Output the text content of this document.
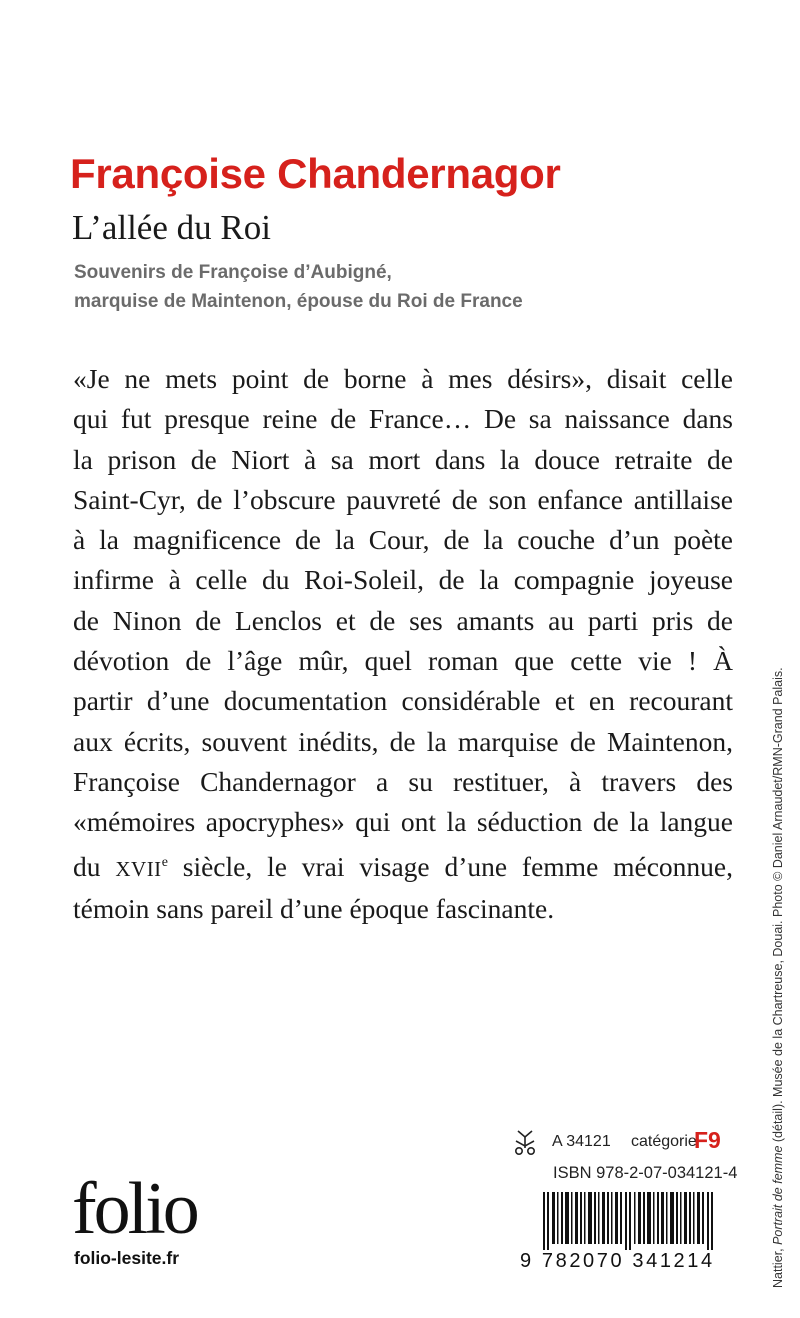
Françoise Chandernagor
L’allée du Roi
Souvenirs de Françoise d’Aubigné,
marquise de Maintenon, épouse du Roi de France
«Je ne mets point de borne à mes désirs», disait celle
qui fut presque reine de France… De sa naissance dans
la prison de Niort à sa mort dans la douce retraite de
Saint-Cyr, de l’obscure pauvreté de son enfance antillaise
à la magnificence de la Cour, de la couche d’un poète
infirme à celle du Roi-Soleil, de la compagnie joyeuse
de Ninon de Lenclos et de ses amants au parti pris de
dévotion de l’âge mûr, quel roman que cette vie ! À
partir d’une documentation considérable et en recourant
aux écrits, souvent inédits, de la marquise de Maintenon,
Françoise Chandernagor a su restituer, à travers des
«mémoires apocryphes» qui ont la séduction de la langue
du XVIIe siècle, le vrai visage d’une femme méconnue,
témoin sans pareil d’une époque fascinante.
Nattier, Portrait de femme (détail). Musée de la Chartreuse, Douai. Photo © Daniel Arnaudet/RMN-Grand Palais.
A 34121 catégorie
F9
ISBN 978-2-07-034121-4
9 782070 341214
folio
folio-lesite.fr
